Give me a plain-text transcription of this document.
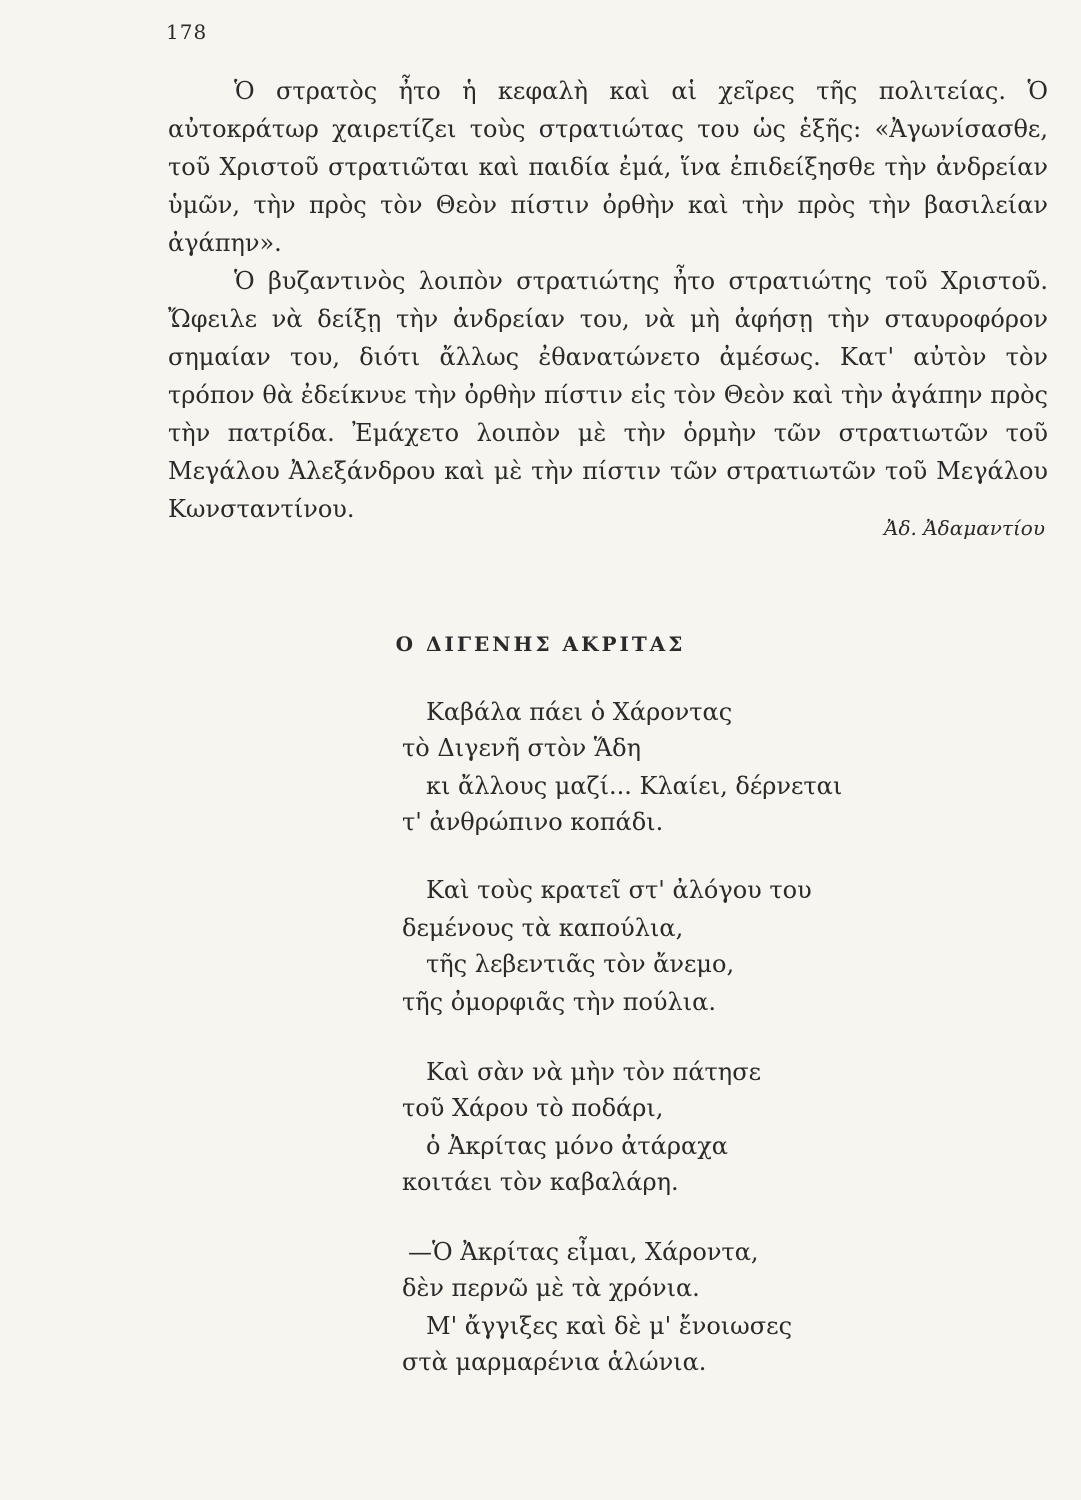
178

Ὁ στρατὸς ἦτο ἡ κεφαλὴ καὶ αἱ χεῖρες τῆς πολιτείας. Ὁ αὐτοκράτωρ χαιρετίζει τοὺς στρατιώτας του ὡς ἑξῆς: «Ἀγωνίσασθε, τοῦ Χριστοῦ στρατιῶται καὶ παιδία ἐμά, ἵνα ἐπιδείξησθε τὴν ἀνδρείαν ὑμῶν, τὴν πρὸς τὸν Θεὸν πίστιν ὀρθὴν καὶ τὴν πρὸς τὴν βασιλείαν ἀγάπην».

Ὁ βυζαντινὸς λοιπὸν στρατιώτης ἦτο στρατιώτης τοῦ Χριστοῦ. Ὤφειλε νὰ δείξῃ τὴν ἀνδρείαν του, νὰ μὴ ἀφήσῃ τὴν σταυροφόρον σημαίαν του, διότι ἄλλως ἐθανατώνετο ἀμέσως. Κατ' αὐτὸν τὸν τρόπον θὰ ἐδείκνυε τὴν ὀρθὴν πίστιν εἰς τὸν Θεὸν καὶ τὴν ἀγάπην πρὸς τὴν πατρίδα. Ἐμάχετο λοιπὸν μὲ τὴν ὁρμὴν τῶν στρατιωτῶν τοῦ Μεγάλου Ἀλεξάνδρου καὶ μὲ τὴν πίστιν τῶν στρατιωτῶν τοῦ Μεγάλου Κωνσταντίνου.

Ἀδ. Ἀδαμαντίου
Ο ΔΙΓΕΝΗΣ ΑΚΡΙΤΑΣ
Καβάλα πάει ὁ Χάροντας
τὸ Διγενῆ στὸν Ἅδη
κι ἄλλους μαζί... Κλαίει, δέρνεται
τ' ἀνθρώπινο κοπάδι.
Καὶ τοὺς κρατεῖ στ' ἀλόγου του
δεμένους τὰ καπούλια,
τῆς λεβεντιᾶς τὸν ἄνεμο,
τῆς ὀμορφιᾶς τὴν πούλια.
Καὶ σὰν νὰ μὴν τὸν πάτησε
τοῦ Χάρου τὸ ποδάρι,
ὁ Ἀκρίτας μόνο ἀτάραχα
κοιτάει τὸν καβαλάρη.
—Ὁ Ἀκρίτας εἶμαι, Χάροντα,
δὲν περνῶ μὲ τὰ χρόνια.
Μ' ἄγγιξες καὶ δὲ μ' ἔνοιωσες
στὰ μαρμαρένια ἁλώνια.
